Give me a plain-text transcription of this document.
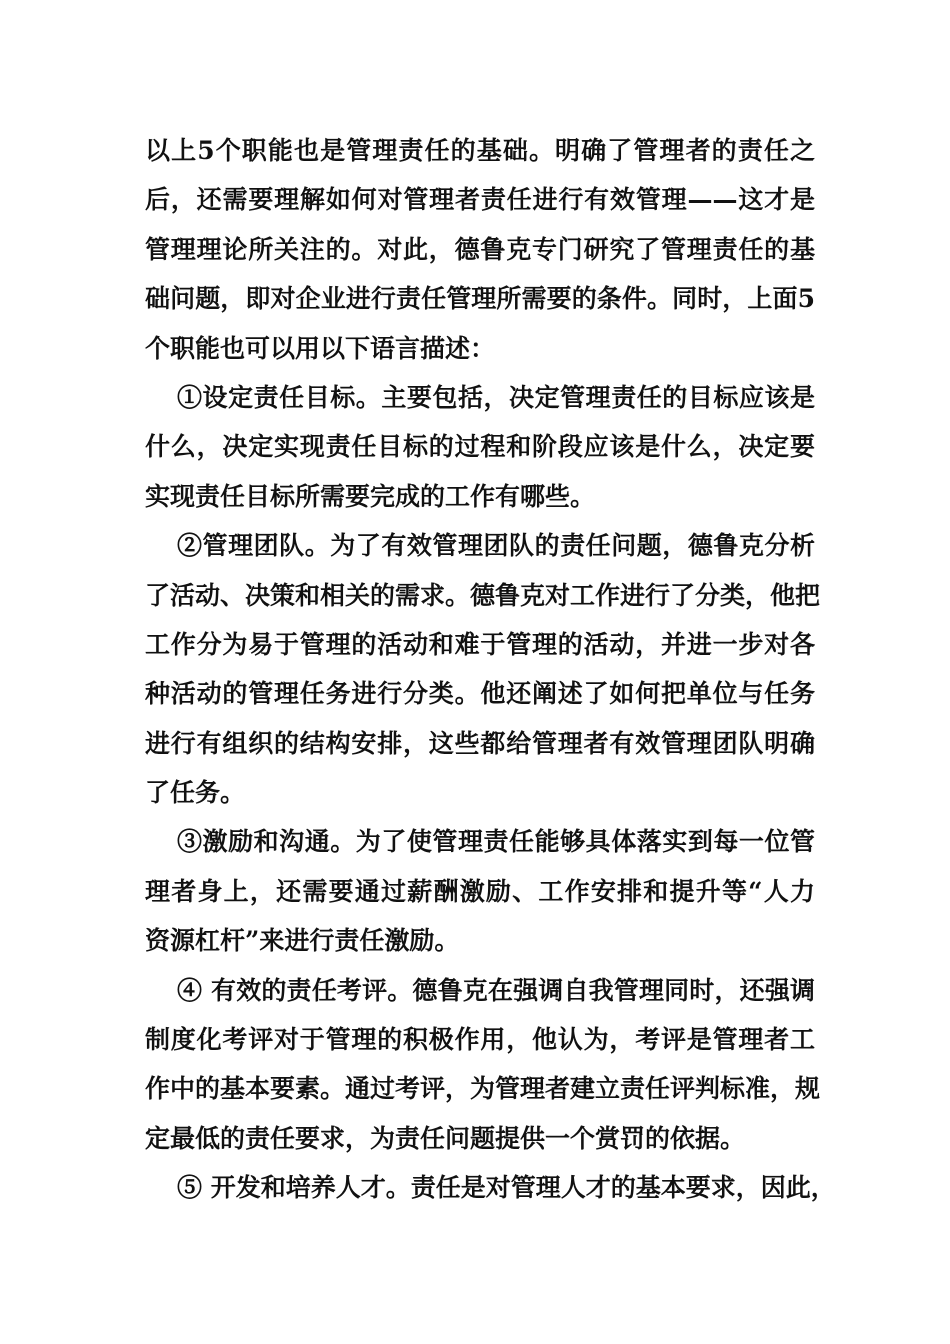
以上5个职能也是管理责任的基础。明确了管理者的责任之
后，还需要理解如何对管理者责任进行有效管理——这才是
管理理论所关注的。对此，德鲁克专门研究了管理责任的基
础问题，即对企业进行责任管理所需要的条件。同时，上面5
个职能也可以用以下语言描述：
①设定责任目标。主要包括，决定管理责任的目标应该是
什么，决定实现责任目标的过程和阶段应该是什么，决定要
实现责任目标所需要完成的工作有哪些。
②管理团队。为了有效管理团队的责任问题，德鲁克分析
了活动、决策和相关的需求。德鲁克对工作进行了分类，他把
工作分为易于管理的活动和难于管理的活动，并进一步对各
种活动的管理任务进行分类。他还阐述了如何把单位与任务
进行有组织的结构安排，这些都给管理者有效管理团队明确
了任务。
③激励和沟通。为了使管理责任能够具体落实到每一位管
理者身上，还需要通过薪酬激励、工作安排和提升等“人力
资源杠杆”来进行责任激励。
④ 有效的责任考评。德鲁克在强调自我管理同时，还强调
制度化考评对于管理的积极作用，他认为，考评是管理者工
作中的基本要素。通过考评，为管理者建立责任评判标准，规
定最低的责任要求，为责任问题提供一个赏罚的依据。
⑤ 开发和培养人才。责任是对管理人才的基本要求，因此，
